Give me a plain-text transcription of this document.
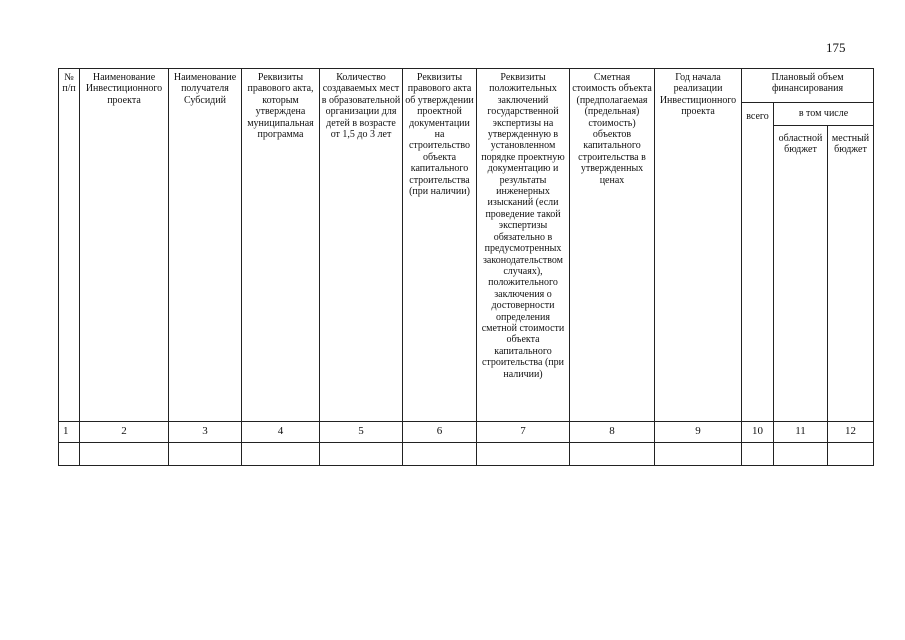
175
№ п/п	Наименование Инвестиционного проекта	Наименование получателя Субсидий	Реквизиты правового акта, которым утверждена муниципальная программа	Количество создаваемых мест в образовательной организации для детей в возрасте от 1,5 до 3 лет	Реквизиты правового акта об утверждении проектной документации на строительство объекта капитального строительства (при наличии)	Реквизиты положительных заключений государственной экспертизы на утвержденную в установленном порядке проектную документацию и результаты инженерных изысканий (если проведение такой экспертизы обязательно в предусмотренных законодательством случаях), положительного заключения о достоверности определения сметной стоимости объекта капитального строительства (при наличии)	Сметная стоимость объекта (предполагаемая (предельная) стоимость) объектов капитального строительства в утвержденных ценах	Год начала реализации Инвестиционного проекта	Плановый объем финансирования		
									всего	в том числе	
										областной бюджет	местный бюджет
1	2	3	4	5	6	7	8	9	10	11	12
